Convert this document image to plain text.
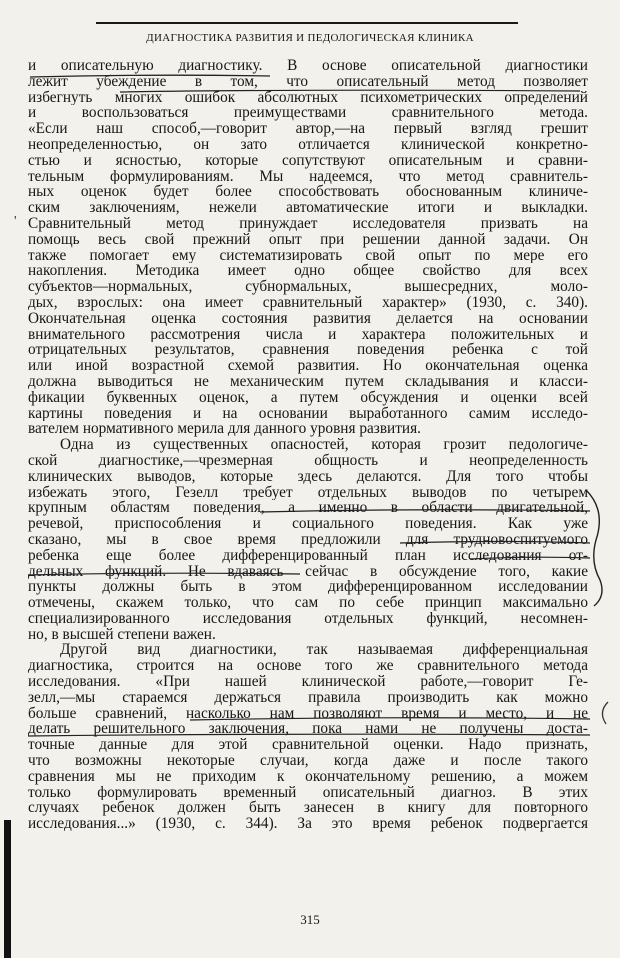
ДИАГНОСТИКА РАЗВИТИЯ И ПЕДОЛОГИЧЕСКАЯ КЛИНИКА
и описательную диагностику. В основе описательной диагностики
лежит убеждение в том, что описательный метод позволяет
избегнуть многих ошибок абсолютных психометрических определений
и воспользоваться преимуществами сравнительного метода.
«Если наш способ,—говорит автор,—на первый взгляд грешит
неопределенностью, он зато отличается клинической конкретно-
стью и ясностью, которые сопутствуют описательным и сравни-
тельным формулированиям. Мы надеемся, что метод сравнитель-
ных оценок будет более способствовать обоснованным клиниче-
ским заключениям, нежели автоматические итоги и выкладки.
Сравнительный метод принуждает исследователя призвать на
помощь весь свой прежний опыт при решении данной задачи. Он
также помогает ему систематизировать свой опыт по мере его
накопления. Методика имеет одно общее свойство для всех
субъектов—нормальных, субнормальных, вышесредних, моло-
дых, взрослых: она имеет сравнительный характер» (1930, с. 340).
Окончательная оценка состояния развития делается на основании
внимательного рассмотрения числа и характера положительных и
отрицательных результатов, сравнения поведения ребенка с той
или иной возрастной схемой развития. Но окончательная оценка
должна выводиться не механическим путем складывания и класси-
фикации буквенных оценок, а путем обсуждения и оценки всей
картины поведения и на основании выработанного самим исследо-
вателем нормативного мерила для данного уровня развития.
Одна из существенных опасностей, которая грозит педологиче-
ской диагностике,—чрезмерная общность и неопределенность
клинических выводов, которые здесь делаются. Для того чтобы
избежать этого, Гезелл требует отдельных выводов по четырем
крупным областям поведения, а именно в области двигательной,
речевой, приспособления и социального поведения. Как уже
сказано, мы в свое время предложили для трудновоспитуемого
ребенка еще более дифференцированный план исследования от-
дельных функций. Не вдаваясь сейчас в обсуждение того, какие
пункты должны быть в этом дифференцированном исследовании
отмечены, скажем только, что сам по себе принцип максимально
специализированного исследования отдельных функций, несомнен-
но, в высшей степени важен.
Другой вид диагностики, так называемая дифференциальная
диагностика, строится на основе того же сравнительного метода
исследования. «При нашей клинической работе,—говорит Ге-
зелл,—мы стараемся держаться правила производить как можно
больше сравнений, насколько нам позволяют время и место, и не
делать решительного заключения, пока нами не получены доста-
точные данные для этой сравнительной оценки. Надо признать,
что возможны некоторые случаи, когда даже и после такого
сравнения мы не приходим к окончательному решению, а можем
только формулировать временный описательный диагноз. В этих
случаях ребенок должен быть занесен в книгу для повторного
исследования...» (1930, с. 344). За это время ребенок подвергается
'
315
